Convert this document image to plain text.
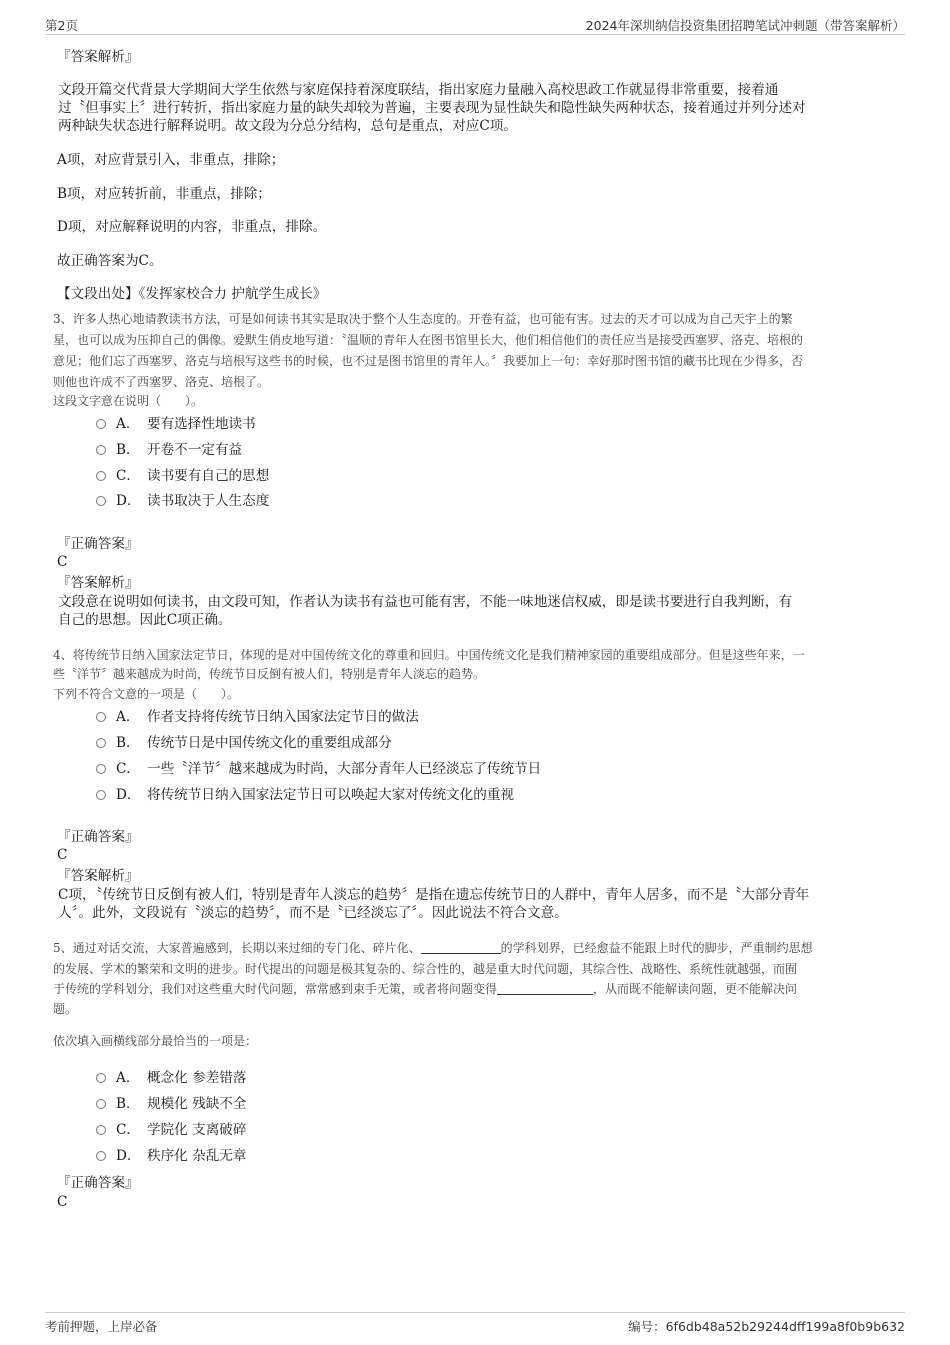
第2页	2024年深圳纳信投资集团招聘笔试冲刺题（带答案解析）
『答案解析』
文段开篇交代背景大学期间大学生依然与家庭保持着深度联结，指出家庭力量融入高校思政工作就显得非常重要，接着通
过〝但事实上〞进行转折，指出家庭力量的缺失却较为普遍，主要表现为显性缺失和隐性缺失两种状态，接着通过并列分述对
两种缺失状态进行解释说明。故文段为分总分结构，总句是重点，对应C项。
A项，对应背景引入，非重点，排除；
B项，对应转折前，非重点，排除；
D项，对应解释说明的内容，非重点，排除。
故正确答案为C。
【文段出处】《发挥家校合力 护航学生成长》
3、许多人热心地请教读书方法，可是如何读书其实是取决于整个人生态度的。开卷有益，也可能有害。过去的天才可以成为自己天宇上的繁
星，也可以成为压抑自己的偶像。爱默生俏皮地写道：〝温顺的青年人在图书馆里长大，他们相信他们的责任应当是接受西塞罗、洛克、培根的
意见；他们忘了西塞罗、洛克与培根写这些书的时候，也不过是图书馆里的青年人。〞我要加上一句：幸好那时图书馆的藏书比现在少得多，否
则他也许成不了西塞罗、洛克、培根了。
这段文字意在说明（　　）。
A． 要有选择性地读书
B． 开卷不一定有益
C． 读书要有自己的思想
D． 读书取决于人生态度
『正确答案』
C
『答案解析』
文段意在说明如何读书，由文段可知，作者认为读书有益也可能有害，不能一味地迷信权威，即是读书要进行自我判断，有
自己的思想。因此C项正确。
4、将传统节日纳入国家法定节日，体现的是对中国传统文化的尊重和回归。中国传统文化是我们精神家园的重要组成部分。但是这些年来，一
些〝洋节〞越来越成为时尚，传统节日反倒有被人们，特别是青年人淡忘的趋势。
下列不符合文意的一项是（　　）。
A． 作者支持将传统节日纳入国家法定节日的做法
B． 传统节日是中国传统文化的重要组成部分
C． 一些〝洋节〞越来越成为时尚，大部分青年人已经淡忘了传统节日
D． 将传统节日纳入国家法定节日可以唤起大家对传统文化的重视
『正确答案』
C
『答案解析』
C项，〝传统节日反倒有被人们，特别是青年人淡忘的趋势〞是指在遗忘传统节日的人群中，青年人居多，而不是〝大部分青年
人〞。此外，文段说有〝淡忘的趋势〞，而不是〝已经淡忘了〞。因此说法不符合文意。
5、通过对话交流，大家普遍感到，长期以来过细的专门化、碎片化、	的学科划界，已经愈益不能跟上时代的脚步，严重制约思想
的发展、学术的繁荣和文明的进步。时代提出的问题是极其复杂的、综合性的，越是重大时代问题，其综合性、战略性、系统性就越强，而囿
于传统的学科划分，我们对这些重大时代问题，常常感到束手无策，或者将问题变得	，从而既不能解读问题，更不能解决问
题。
依次填入画横线部分最恰当的一项是：
A． 概念化 参差错落
B． 规模化 残缺不全
C． 学院化 支离破碎
D． 秩序化 杂乱无章
『正确答案』
C
考前押题，上岸必备	编号：6f6db48a52b29244dff199a8f0b9b632
